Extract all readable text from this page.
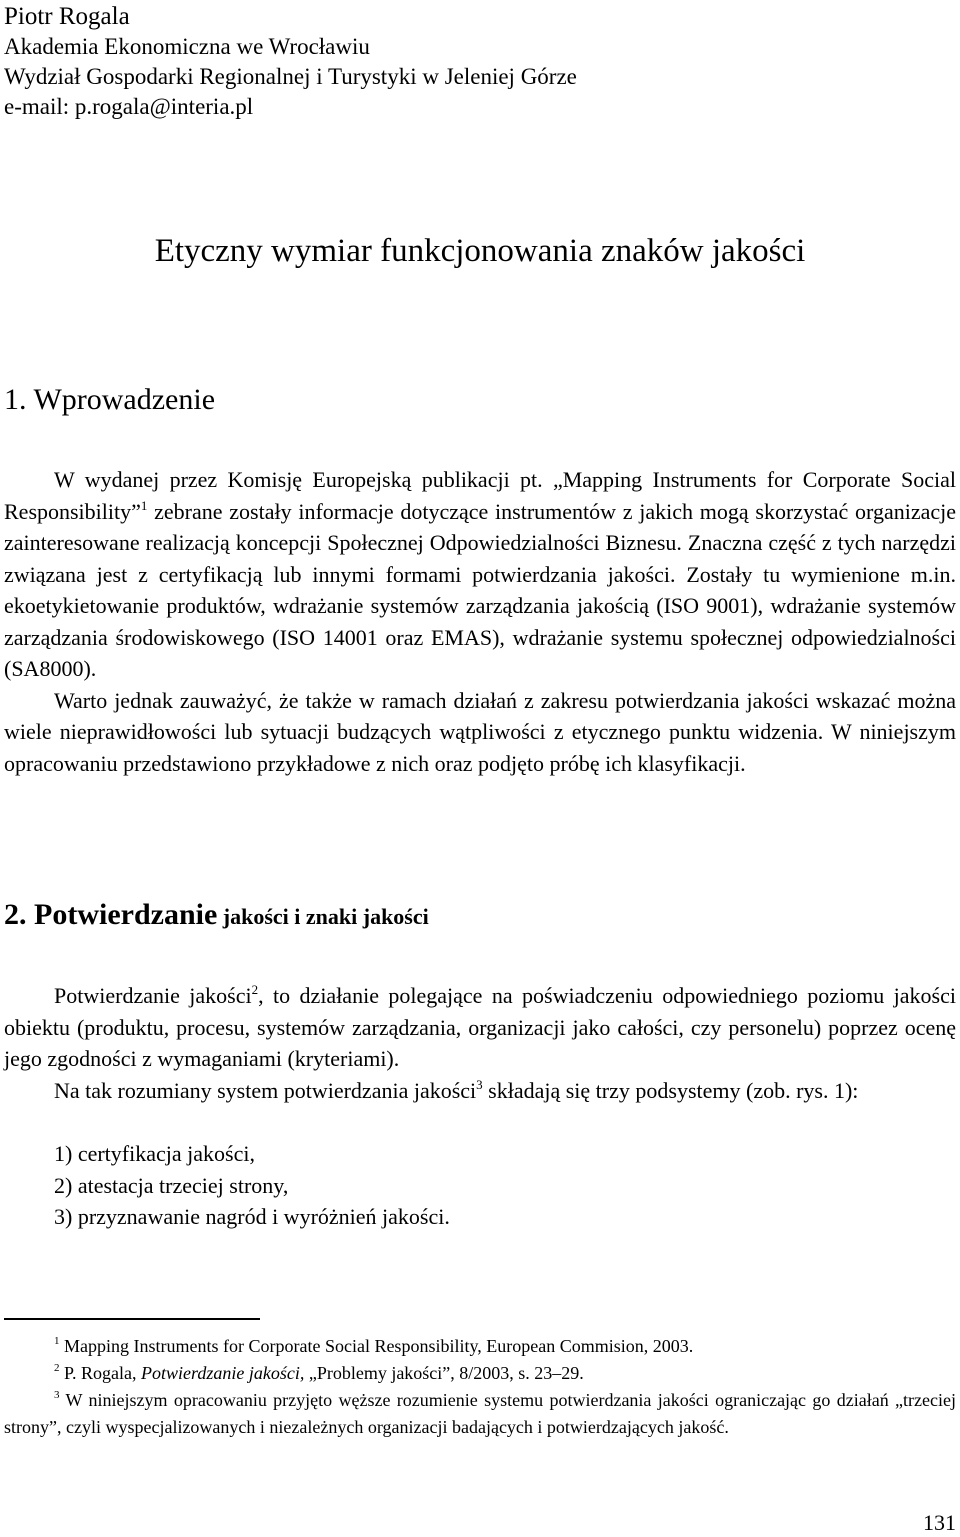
Piotr Rogala
Akademia Ekonomiczna we Wrocławiu
Wydział Gospodarki Regionalnej i Turystyki w Jeleniej Górze
e-mail: p.rogala@interia.pl
Etyczny wymiar funkcjonowania znaków jakości
1. Wprowadzenie

W wydanej przez Komisję Europejską publikacji pt. „Mapping Instruments for Corporate Social Responsibility”$^1$ zebrane zostały informacje dotyczące instrumentów z jakich mogą skorzystać organizacje zainteresowane realizacją koncepcji Społecznej Odpowiedzialności Biznesu. Znaczna część z tych narzędzi związana jest z certyfikacją lub innymi formami potwierdzania jakości. Zostały tu wymienione m.in. ekoetykietowanie produktów, wdrażanie systemów zarządzania jakością (ISO 9001), wdrażanie systemów zarządzania środowiskowego (ISO 14001 oraz EMAS), wdrażanie systemu społecznej odpowiedzialności (SA8000).

Warto jednak zauważyć, że także w ramach działań z zakresu potwierdzania jakości wskazać można wiele nieprawidłowości lub sytuacji budzących wątpliwości z etycznego punktu widzenia. W niniejszym opracowaniu przedstawiono przykładowe z nich oraz podjęto próbę ich klasyfikacji.

2. Potwierdzanie jakości i znaki jakości

Potwierdzanie jakości$^2$, to działanie polegające na poświadczeniu odpowiedniego poziomu jakości obiektu (produktu, procesu, systemów zarządzania, organizacji jako całości, czy personelu) poprzez ocenę jego zgodności z wymaganiami (kryteriami).

Na tak rozumiany system potwierdzania jakości$^3$ składają się trzy podsystemy (zob. rys. 1):

1) certyfikacja jakości,
2) atestacja trzeciej strony,
3) przyznawanie nagród i wyróżnień jakości.

$^1$ Mapping Instruments for Corporate Social Responsibility, European Commision, 2003.

$^2$ P. Rogala, Potwierdzanie jakości, „Problemy jakości”, 8/2003, s. 23–29.

$^3$ W niniejszym opracowaniu przyjęto węższe rozumienie systemu potwierdzania jakości ograniczając go działań „trzeciej strony”, czyli wyspecjalizowanych i niezależnych organizacji badających i potwierdzających jakość.

131
